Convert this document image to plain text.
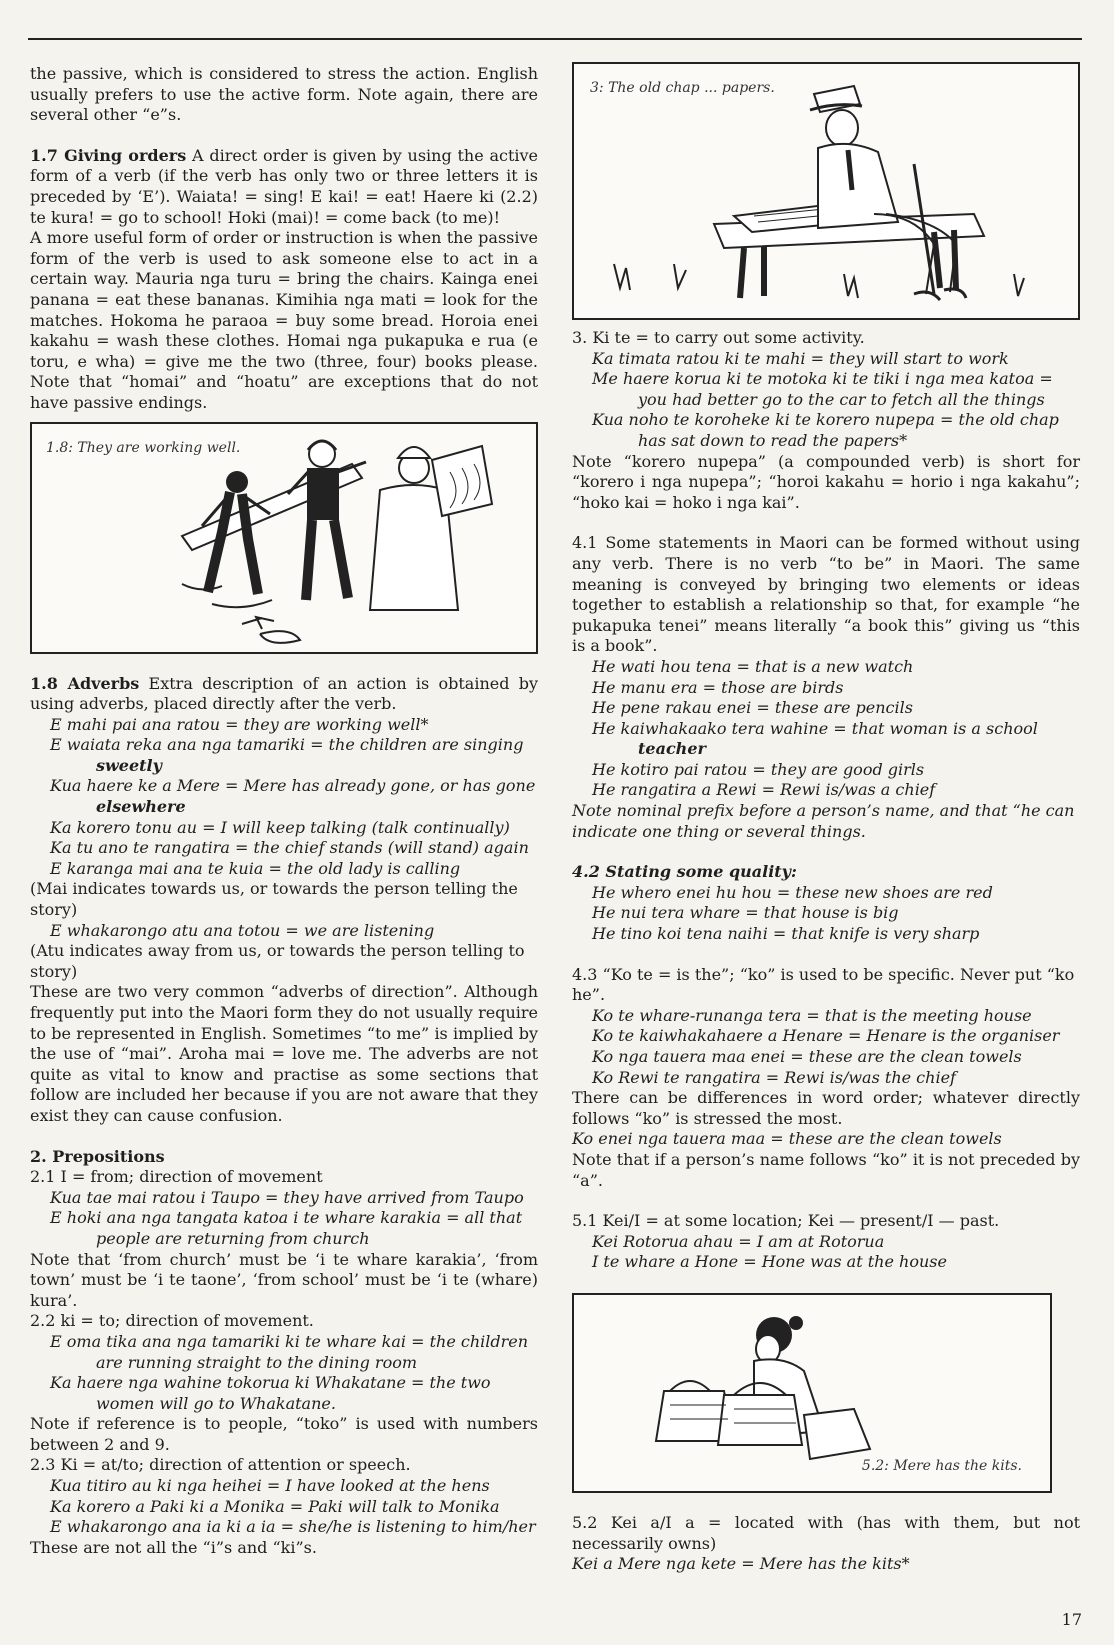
the passive, which is considered to stress the action. English usually prefers to use the active form. Note again, there are several other “e”s.

1.7 Giving orders A direct order is given by using the active form of a verb (if the verb has only two or three letters it is preceded by ‘E’). Waiata! = sing! E kai! = eat! Haere ki (2.2) te kura! = go to school! Hoki (mai)! = come back (to me)!

A more useful form of order or instruction is when the passive form of the verb is used to ask someone else to act in a certain way. Mauria nga turu = bring the chairs. Kainga enei panana = eat these bananas. Kimihia nga mati = look for the matches. Hokoma he paraoa = buy some bread. Horoia enei kakahu = wash these clothes. Homai nga pukapuka e rua (e toru, e wha) = give me the two (three, four) books please. Note that “homai” and “hoatu” are exceptions that do not have passive endings.

1.8: They are working well.

1.8 Adverbs Extra description of an action is obtained by using adverbs, placed directly after the verb.

E mahi pai ana ratou = they are working well*

E waiata reka ana nga tamariki = the children are singing

sweetly

Kua haere ke a Mere = Mere has already gone, or has gone

elsewhere

Ka korero tonu au = I will keep talking (talk continually)

Ka tu ano te rangatira = the chief stands (will stand) again

E karanga mai ana te kuia = the old lady is calling

(Mai indicates towards us, or towards the person telling the story)

E whakarongo atu ana totou = we are listening

(Atu indicates away from us, or towards the person telling to story)

These are two very common “adverbs of direction”. Although frequently put into the Maori form they do not usually require to be represented in English. Sometimes “to me” is implied by the use of “mai”. Aroha mai = love me. The adverbs are not quite as vital to know and practise as some sections that follow are included her because if you are not aware that they exist they can cause confusion.

2. Prepositions

2.1 I = from; direction of movement

Kua tae mai ratou i Taupo = they have arrived from Taupo

E hoki ana nga tangata katoa i te whare karakia = all that

people are returning from church

Note that ‘from church’ must be ‘i te whare karakia’, ‘from town’ must be ‘i te taone’, ‘from school’ must be ‘i te (whare) kura’.

2.2 ki = to; direction of movement.

E oma tika ana nga tamariki ki te whare kai = the children

are running straight to the dining room

Ka haere nga wahine tokorua ki Whakatane = the two

women will go to Whakatane.

Note if reference is to people, “toko” is used with numbers between 2 and 9.

2.3 Ki = at/to; direction of attention or speech.

Kua titiro au ki nga heihei = I have looked at the hens

Ka korero a Paki ki a Monika = Paki will talk to Monika

E whakarongo ana ia ki a ia = she/he is listening to him/her

These are not all the “i”s and “ki”s.

3: The old chap ... papers.

3. Ki te = to carry out some activity.

Ka timata ratou ki te mahi = they will start to work

Me haere korua ki te motoka ki te tiki i nga mea katoa =

you had better go to the car to fetch all the things

Kua noho te koroheke ki te korero nupepa = the old chap

has sat down to read the papers*

Note “korero nupepa” (a compounded verb) is short for “korero i nga nupepa”; “horoi kakahu = horio i nga kakahu”; “hoko kai = hoko i nga kai”.

4.1 Some statements in Maori can be formed without using any verb. There is no verb “to be” in Maori. The same meaning is conveyed by bringing two elements or ideas together to establish a relationship so that, for example “he pukapuka tenei” means literally “a book this” giving us “this is a book”.

He wati hou tena = that is a new watch

He manu era = those are birds

He pene rakau enei = these are pencils

He kaiwhakaako tera wahine = that woman is a school

teacher

He kotiro pai ratou = they are good girls

He rangatira a Rewi = Rewi is/was a chief

Note nominal prefix before a person’s name, and that “he can indicate one thing or several things.

4.2 Stating some quality:

He whero enei hu hou = these new shoes are red

He nui tera whare = that house is big

He tino koi tena naihi = that knife is very sharp

4.3 “Ko te = is the”; “ko” is used to be specific. Never put “ko he”.

Ko te whare-runanga tera = that is the meeting house

Ko te kaiwhakahaere a Henare = Henare is the organiser

Ko nga tauera maa enei = these are the clean towels

Ko Rewi te rangatira = Rewi is/was the chief

There can be differences in word order; whatever directly follows “ko” is stressed the most.

Ko enei nga tauera maa = these are the clean towels

Note that if a person’s name follows “ko” it is not preceded by “a”.

5.1 Kei/I = at some location; Kei — present/I — past.

Kei Rotorua ahau = I am at Rotorua

I te whare a Hone = Hone was at the house

5.2: Mere has the kits.

5.2 Kei a/I a = located with (has with them, but not necessarily owns)

Kei a Mere nga kete = Mere has the kits*

17
